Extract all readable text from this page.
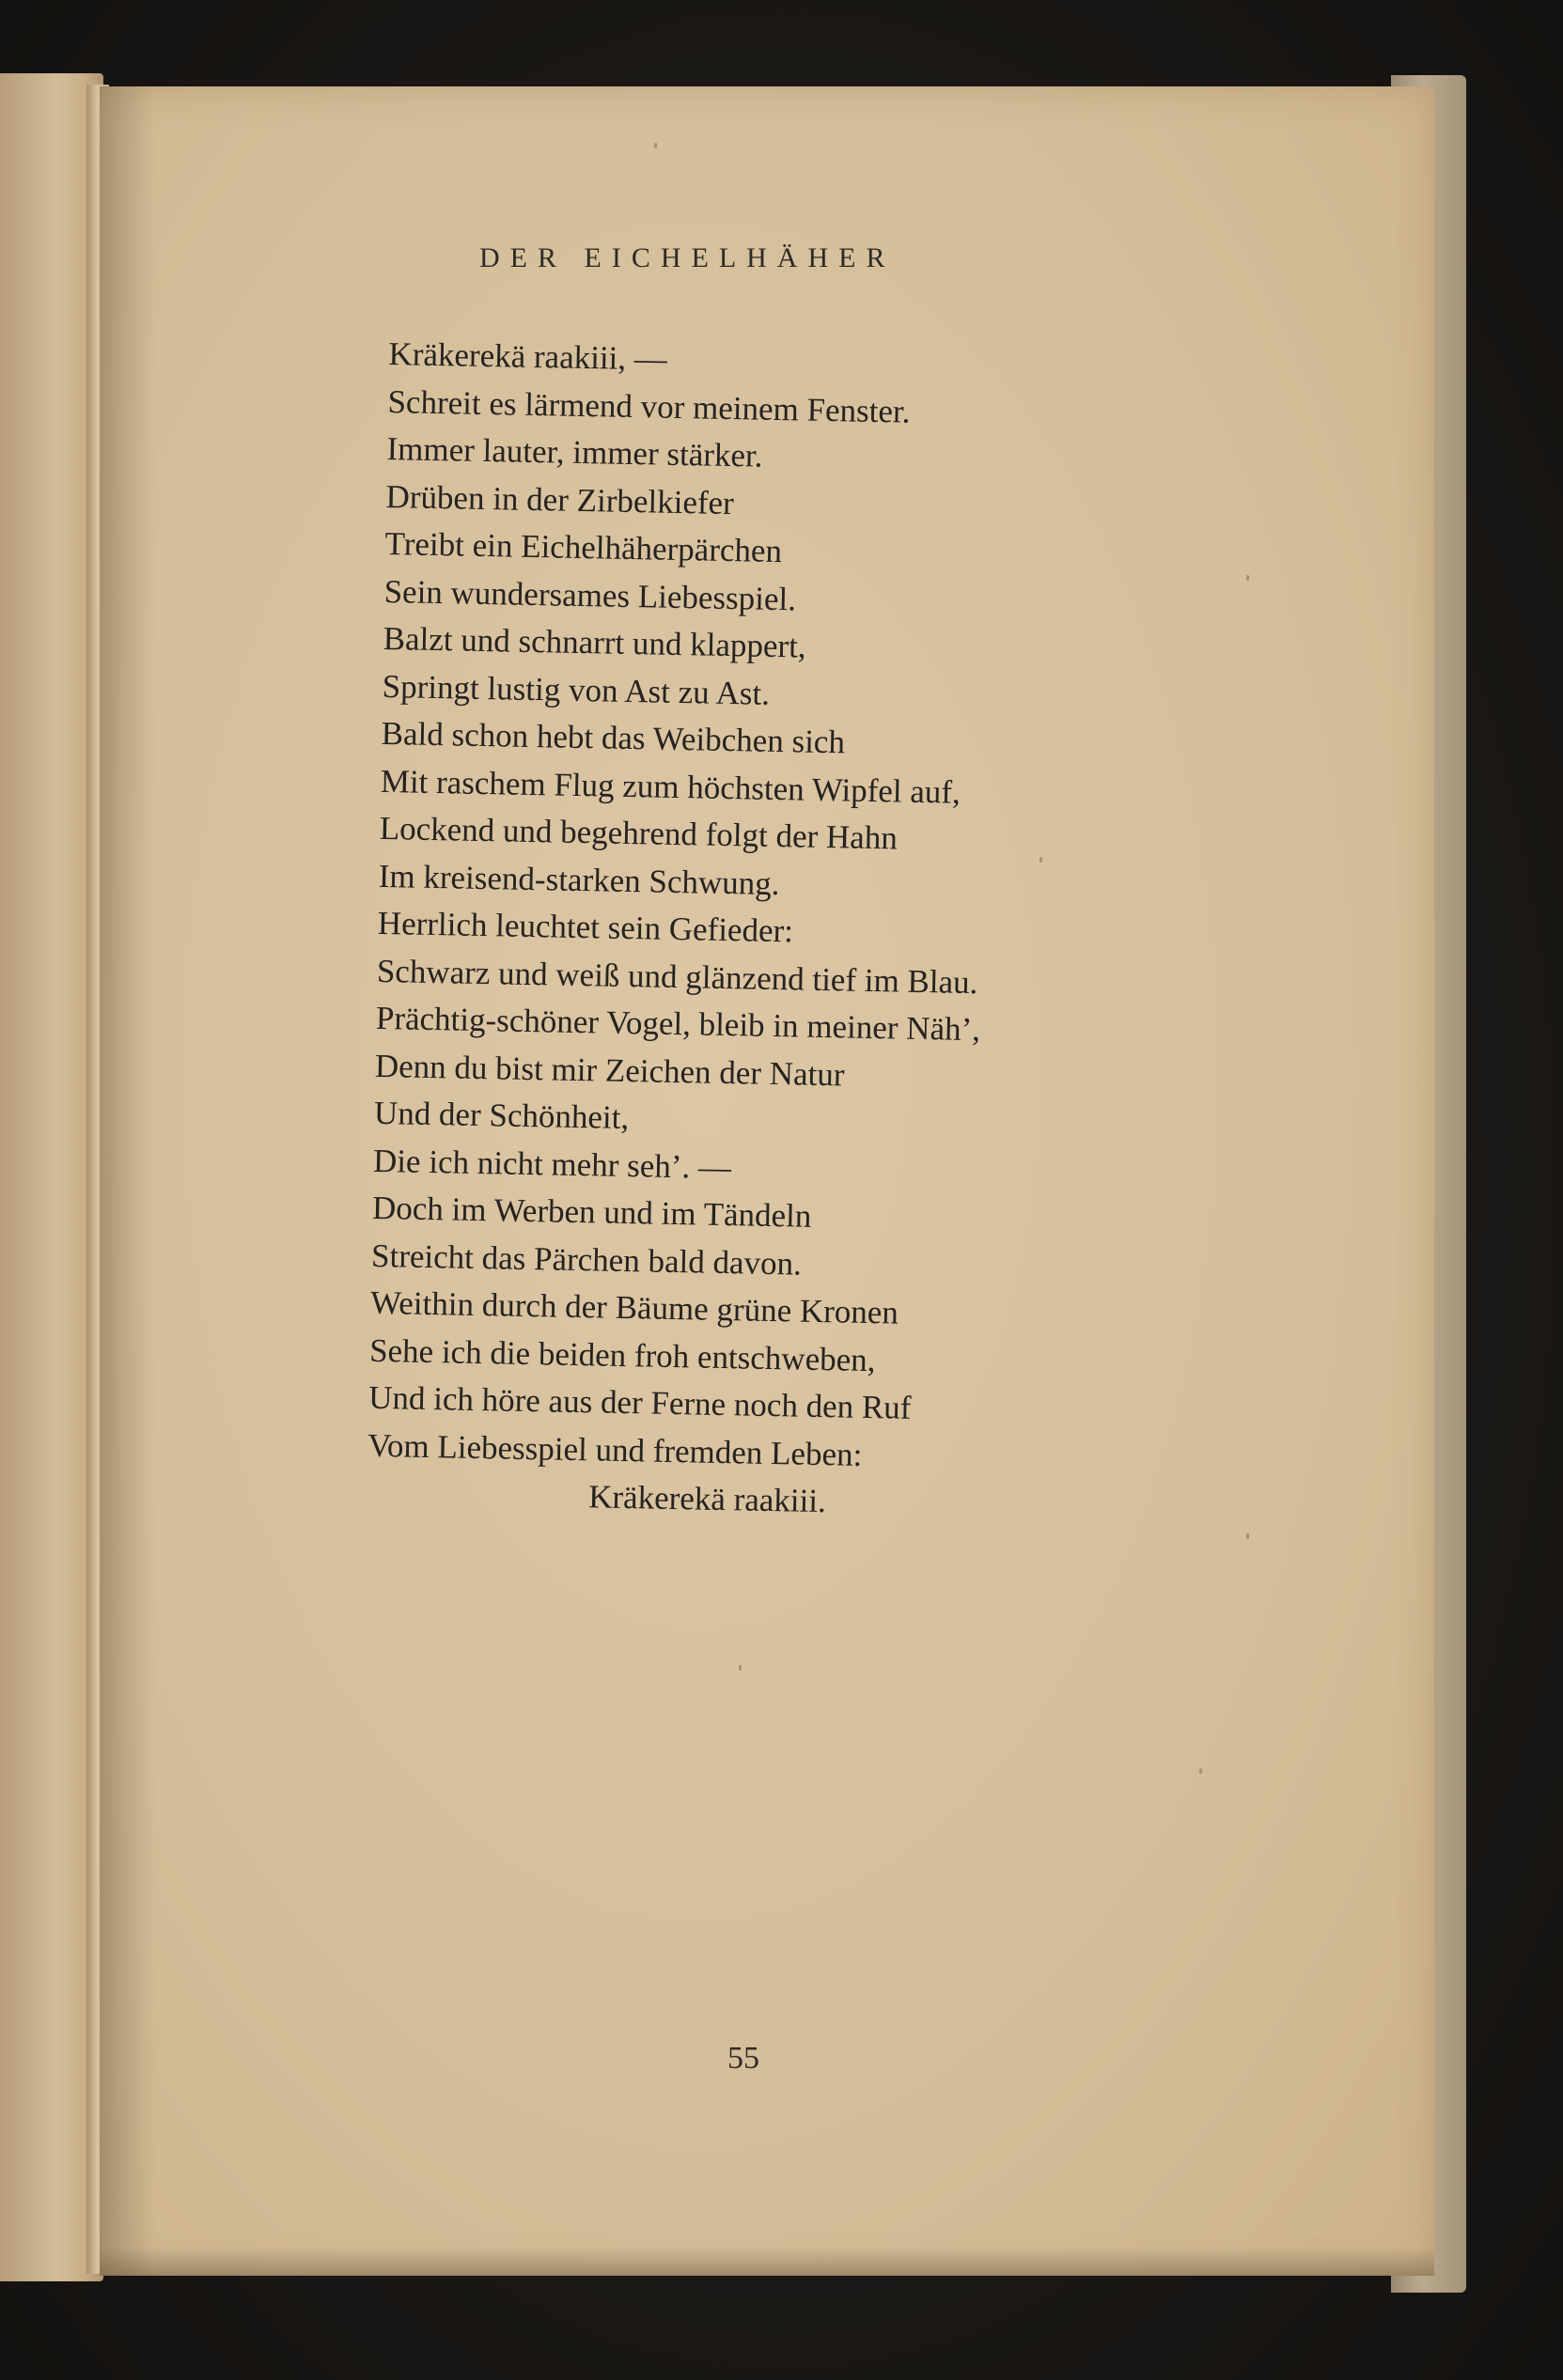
DER EICHELHÄHER
Kräkerekä raakiii, —
Schreit es lärmend vor meinem Fenster.
Immer lauter, immer stärker.
Drüben in der Zirbelkiefer
Treibt ein Eichelhäherpärchen
Sein wundersames Liebesspiel.
Balzt und schnarrt und klappert,
Springt lustig von Ast zu Ast.
Bald schon hebt das Weibchen sich
Mit raschem Flug zum höchsten Wipfel auf,
Lockend und begehrend folgt der Hahn
Im kreisend-starken Schwung.
Herrlich leuchtet sein Gefieder:
Schwarz und weiß und glänzend tief im Blau.
Prächtig-schöner Vogel, bleib in meiner Näh’,
Denn du bist mir Zeichen der Natur
Und der Schönheit,
Die ich nicht mehr seh’. —
Doch im Werben und im Tändeln
Streicht das Pärchen bald davon.
Weithin durch der Bäume grüne Kronen
Sehe ich die beiden froh entschweben,
Und ich höre aus der Ferne noch den Ruf
Vom Liebesspiel und fremden Leben:
Kräkerekä raakiii.
55
